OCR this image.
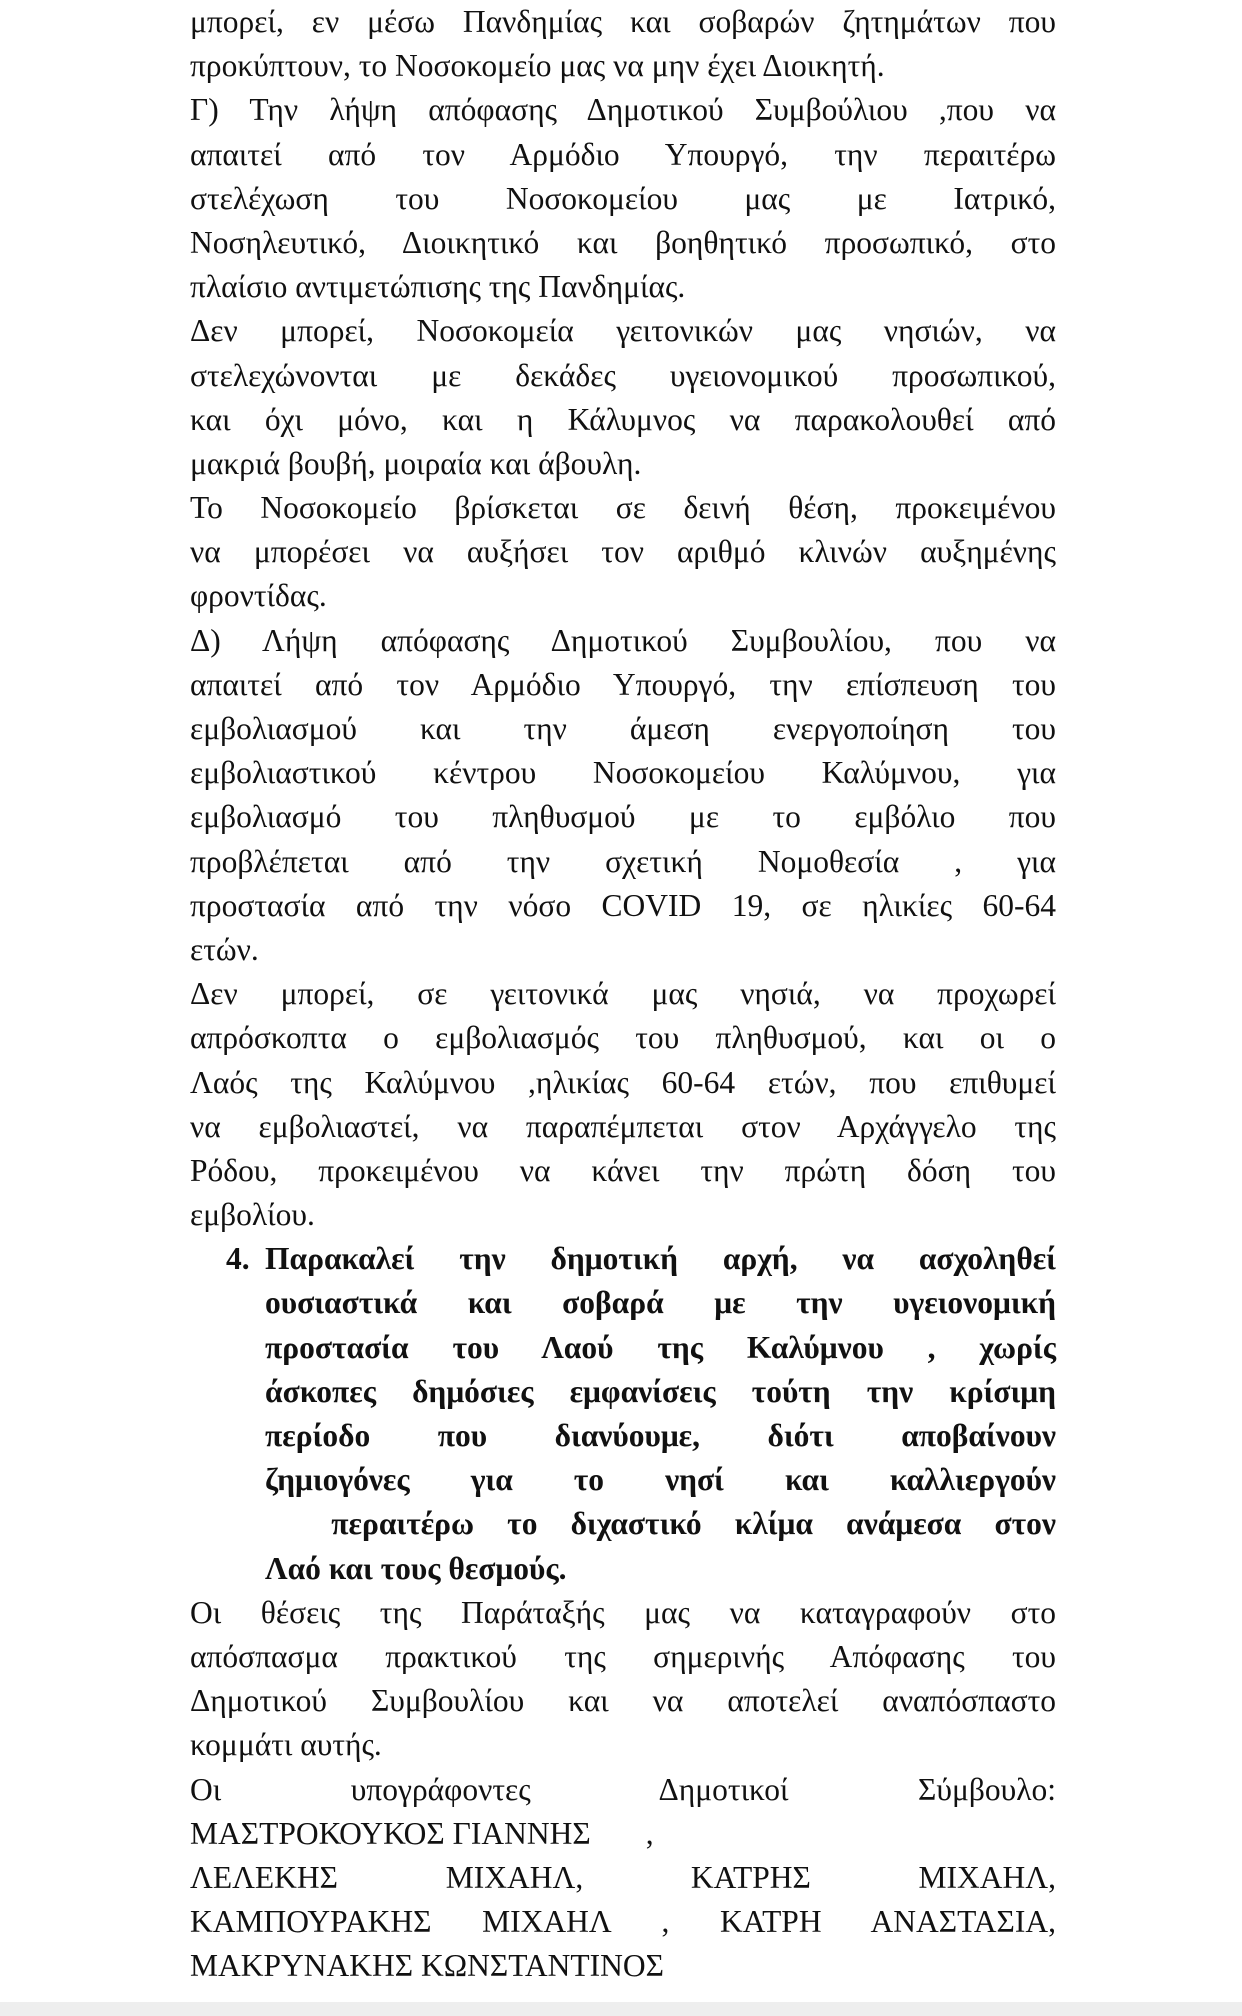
μπορεί, εν μέσω Πανδημίας και σοβαρών ζητημάτων που
προκύπτουν, το Νοσοκομείο μας να μην έχει Διοικητή.
Γ) Την λήψη απόφασης Δημοτικού Συμβούλιου ,που να
απαιτεί από τον Αρμόδιο Υπουργό, την περαιτέρω
στελέχωση του Νοσοκομείου μας με Ιατρικό,
Νοσηλευτικό, Διοικητικό και βοηθητικό προσωπικό, στο
πλαίσιο αντιμετώπισης της Πανδημίας.
Δεν μπορεί, Νοσοκομεία γειτονικών μας νησιών, να
στελεχώνονται με δεκάδες υγειονομικού προσωπικού,
και όχι μόνο, και η Κάλυμνος να παρακολουθεί από
μακριά βουβή, μοιραία και άβουλη.
Το Νοσοκομείο βρίσκεται σε δεινή θέση, προκειμένου
να μπορέσει να αυξήσει τον αριθμό κλινών αυξημένης
φροντίδας.
Δ) Λήψη απόφασης Δημοτικού Συμβουλίου, που να
απαιτεί από τον Αρμόδιο Υπουργό, την επίσπευση του
εμβολιασμού και την άμεση ενεργοποίηση του
εμβολιαστικού κέντρου Νοσοκομείου Καλύμνου, για
εμβολιασμό του πληθυσμού με το εμβόλιο που
προβλέπεται από την σχετική Νομοθεσία , για
προστασία από την νόσο COVID 19, σε ηλικίες 60-64
ετών.
Δεν μπορεί, σε γειτονικά μας νησιά, να προχωρεί
απρόσκοπτα ο εμβολιασμός του πληθυσμού, και οι ο
Λαός της Καλύμνου ,ηλικίας 60-64 ετών, που επιθυμεί
να εμβολιαστεί, να παραπέμπεται στον Αρχάγγελο της
Ρόδου, προκειμένου να κάνει την πρώτη δόση του
εμβολίου.
4. Παρακαλεί την δημοτική αρχή, να ασχοληθεί
ουσιαστικά και σοβαρά με την υγειονομική
προστασία του Λαού της Καλύμνου , χωρίς
άσκοπες δημόσιες εμφανίσεις τούτη την κρίσιμη
περίοδο που διανύουμε, διότι αποβαίνουν
ζημιογόνες για το νησί και καλλιεργούν
περαιτέρω το διχαστικό κλίμα ανάμεσα στον
Λαό και τους θεσμούς.
Οι θέσεις της Παράταξής μας να καταγραφούν στο
απόσπασμα πρακτικού της σημερινής Απόφασης του
Δημοτικού Συμβουλίου και να αποτελεί αναπόσπαστο
κομμάτι αυτής.
Οι υπογράφοντες Δημοτικοί Σύμβουλο:
ΜΑΣΤΡΟΚΟΥΚΟΣ ΓΙΑΝΝΗΣ       ,
ΛΕΛΕΚΗΣ ΜΙΧΑΗΛ, ΚΑΤΡΗΣ ΜΙΧΑΗΛ,
ΚΑΜΠΟΥΡΑΚΗΣ ΜΙΧΑΗΛ , ΚΑΤΡΗ ΑΝΑΣΤΑΣΙΑ,
ΜΑΚΡΥΝΑΚΗΣ ΚΩΝΣΤΑΝΤΙΝΟΣ
